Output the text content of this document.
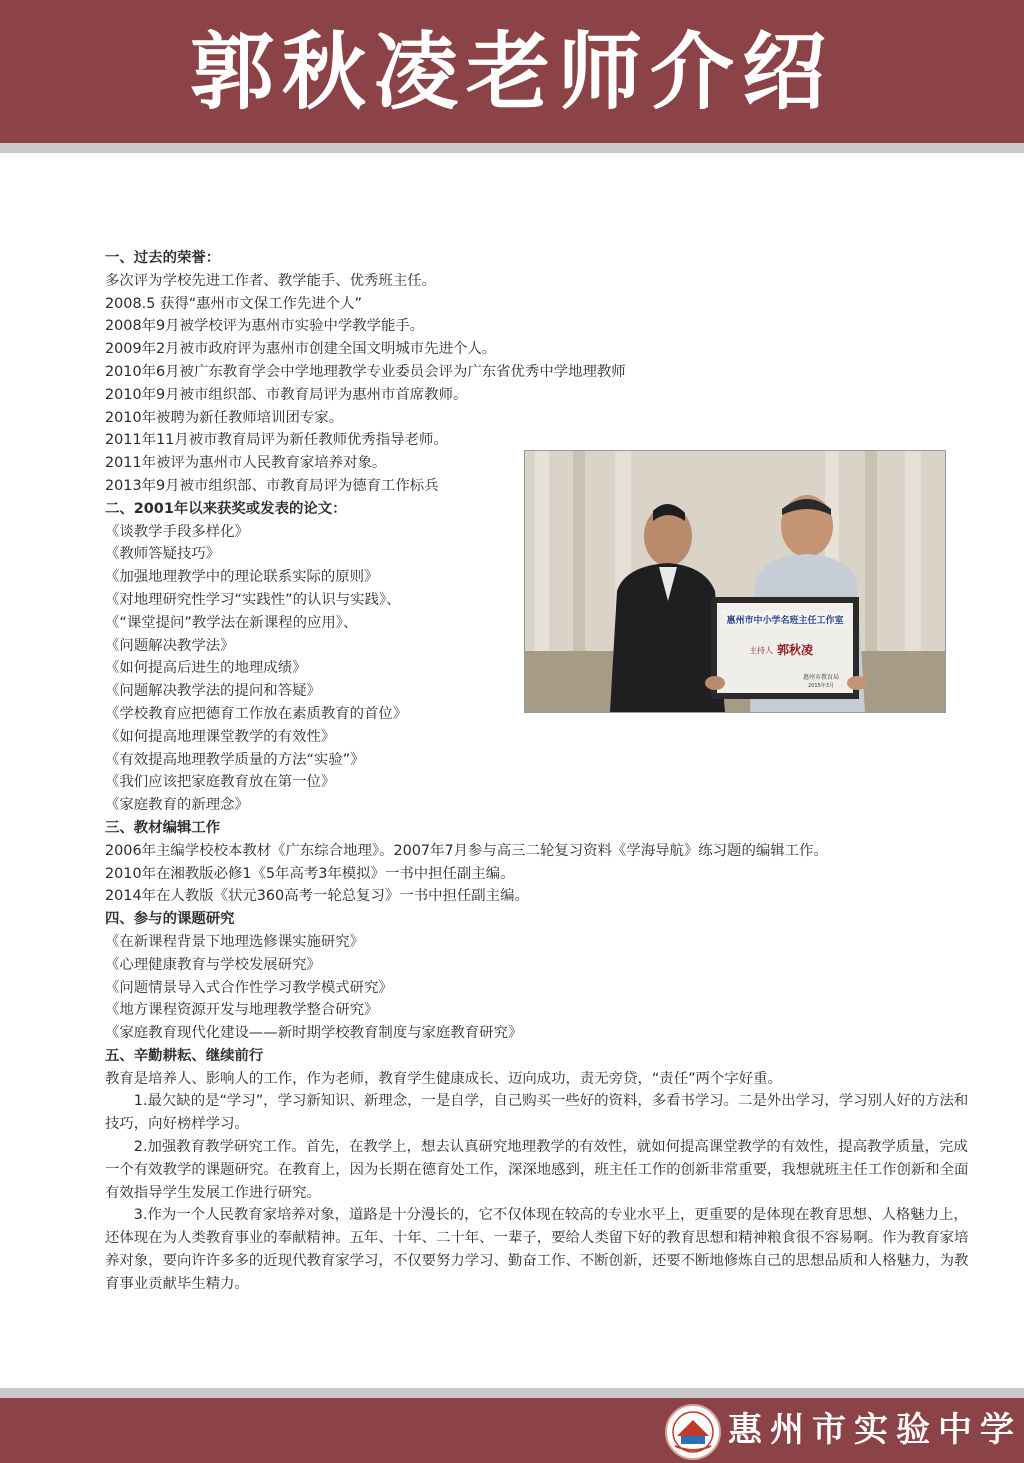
郭秋凌老师介绍

一、过去的荣誉：

多次评为学校先进工作者、教学能手、优秀班主任。

2008.5 获得“惠州市文保工作先进个人”

2008年9月被学校评为惠州市实验中学教学能手。

2009年2月被市政府评为惠州市创建全国文明城市先进个人。

2010年6月被广东教育学会中学地理教学专业委员会评为广东省优秀中学地理教师

2010年9月被市组织部、市教育局评为惠州市首席教师。

2010年被聘为新任教师培训团专家。

2011年11月被市教育局评为新任教师优秀指导老师。

2011年被评为惠州市人民教育家培养对象。

2013年9月被市组织部、市教育局评为德育工作标兵

二、2001年以来获奖或发表的论文：

《谈教学手段多样化》

《教师答疑技巧》

《加强地理教学中的理论联系实际的原则》

《对地理研究性学习“实践性”的认识与实践》、

《“课堂提问”教学法在新课程的应用》、

《问题解决教学法》

《如何提高后进生的地理成绩》

《问题解决教学法的提问和答疑》

《学校教育应把德育工作放在素质教育的首位》

《如何提高地理课堂教学的有效性》

《有效提高地理教学质量的方法“实验”》

《我们应该把家庭教育放在第一位》

《家庭教育的新理念》

三、教材编辑工作

2006年主编学校校本教材《广东综合地理》。2007年7月参与高三二轮复习资料《学海导航》练习题的编辑工作。

2010年在湘教版必修1《5年高考3年模拟》一书中担任副主编。

2014年在人教版《状元360高考一轮总复习》一书中担任副主编。

四、参与的课题研究

《在新课程背景下地理选修课实施研究》

《心理健康教育与学校发展研究》

《问题情景导入式合作性学习教学模式研究》

《地方课程资源开发与地理教学整合研究》

《家庭教育现代化建设——新时期学校教育制度与家庭教育研究》

五、辛勤耕耘、继续前行

教育是培养人、影响人的工作，作为老师，教育学生健康成长、迈向成功，责无旁贷，“责任”两个字好重。

1.最欠缺的是“学习”，学习新知识、新理念，一是自学，自己购买一些好的资料，多看书学习。二是外出学习，学习别人好的方法和技巧，向好榜样学习。

2.加强教育教学研究工作。首先，在教学上，想去认真研究地理教学的有效性，就如何提高课堂教学的有效性，提高教学质量，完成一个有效教学的课题研究。在教育上，因为长期在德育处工作，深深地感到，班主任工作的创新非常重要，我想就班主任工作创新和全面有效指导学生发展工作进行研究。

3.作为一个人民教育家培养对象，道路是十分漫长的，它不仅体现在较高的专业水平上，更重要的是体现在教育思想、人格魅力上，还体现在为人类教育事业的奉献精神。五年、十年、二十年、一辈子，要给人类留下好的教育思想和精神粮食很不容易啊。作为教育家培养对象，要向许许多多的近现代教育家学习，不仅要努力学习、勤奋工作、不断创新，还要不断地修炼自己的思想品质和人格魅力，为教育事业贡献毕生精力。

惠州市中小学名班主任工作室
主持人 郭秋凌
惠州市教育局
2015年3月
惠州市实验中学
